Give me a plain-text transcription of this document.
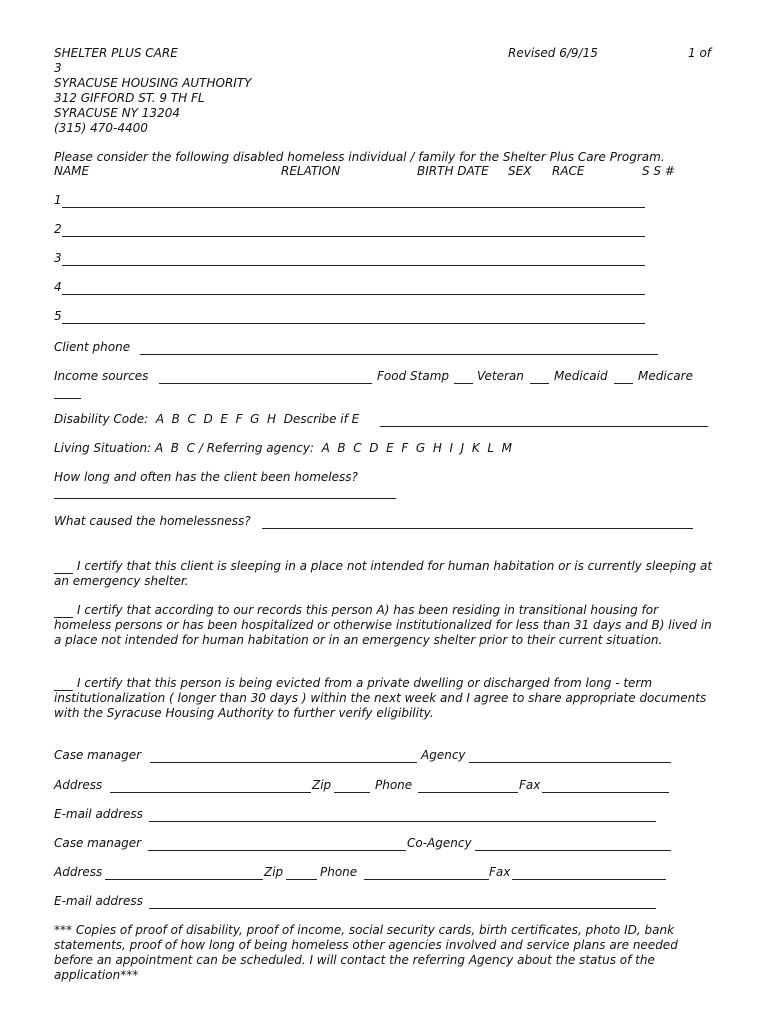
SHELTER PLUS CARE	Revised 6/9/15	1 of
3
SYRACUSE HOUSING AUTHORITY
312 GIFFORD ST. 9 TH FL
SYRACUSE NY 13204
(315) 470-4400
Please consider the following disabled homeless individual / family for the Shelter Plus Care Program.
NAME	RELATION	BIRTH DATE SEX RACE	S S #
1
2
3
4
5
Client phone
Income sources	Food Stamp Veteran	Medicaid	Medicare
Disability Code:  A  B  C  D  E  F  G  H  Describe if E
Living Situation: A  B  C / Referring agency:  A  B  C  D  E  F  G  H  I  J  K  L  M
How long and often has the client been homeless?
What caused the homelessness?
I certify that this client is sleeping in a place not intended for human habitation or is currently sleeping at an emergency shelter.
I certify that according to our records this person A) has been residing in transitional housing for homeless persons or has been hospitalized or otherwise institutionalized for less than 31 days and B) lived in a place not intended for human habitation or in an emergency shelter prior to their current situation.
I certify that this person is being evicted from a private dwelling or discharged from long - term institutionalization ( longer than 30 days ) within the next week and I agree to share appropriate documents with the Syracuse Housing Authority to further verify eligibility.
Case manager	Agency
Address	Zip	Phone	Fax
E-mail address
Case manager	Co-Agency
Address	Zip	Phone	Fax
E-mail address
*** Copies of proof of disability, proof of income, social security cards, birth certificates, photo ID, bank statements, proof of how long of being homeless other agencies involved and service plans are needed before an appointment can be scheduled. I will contact the referring Agency about the status of the application***
